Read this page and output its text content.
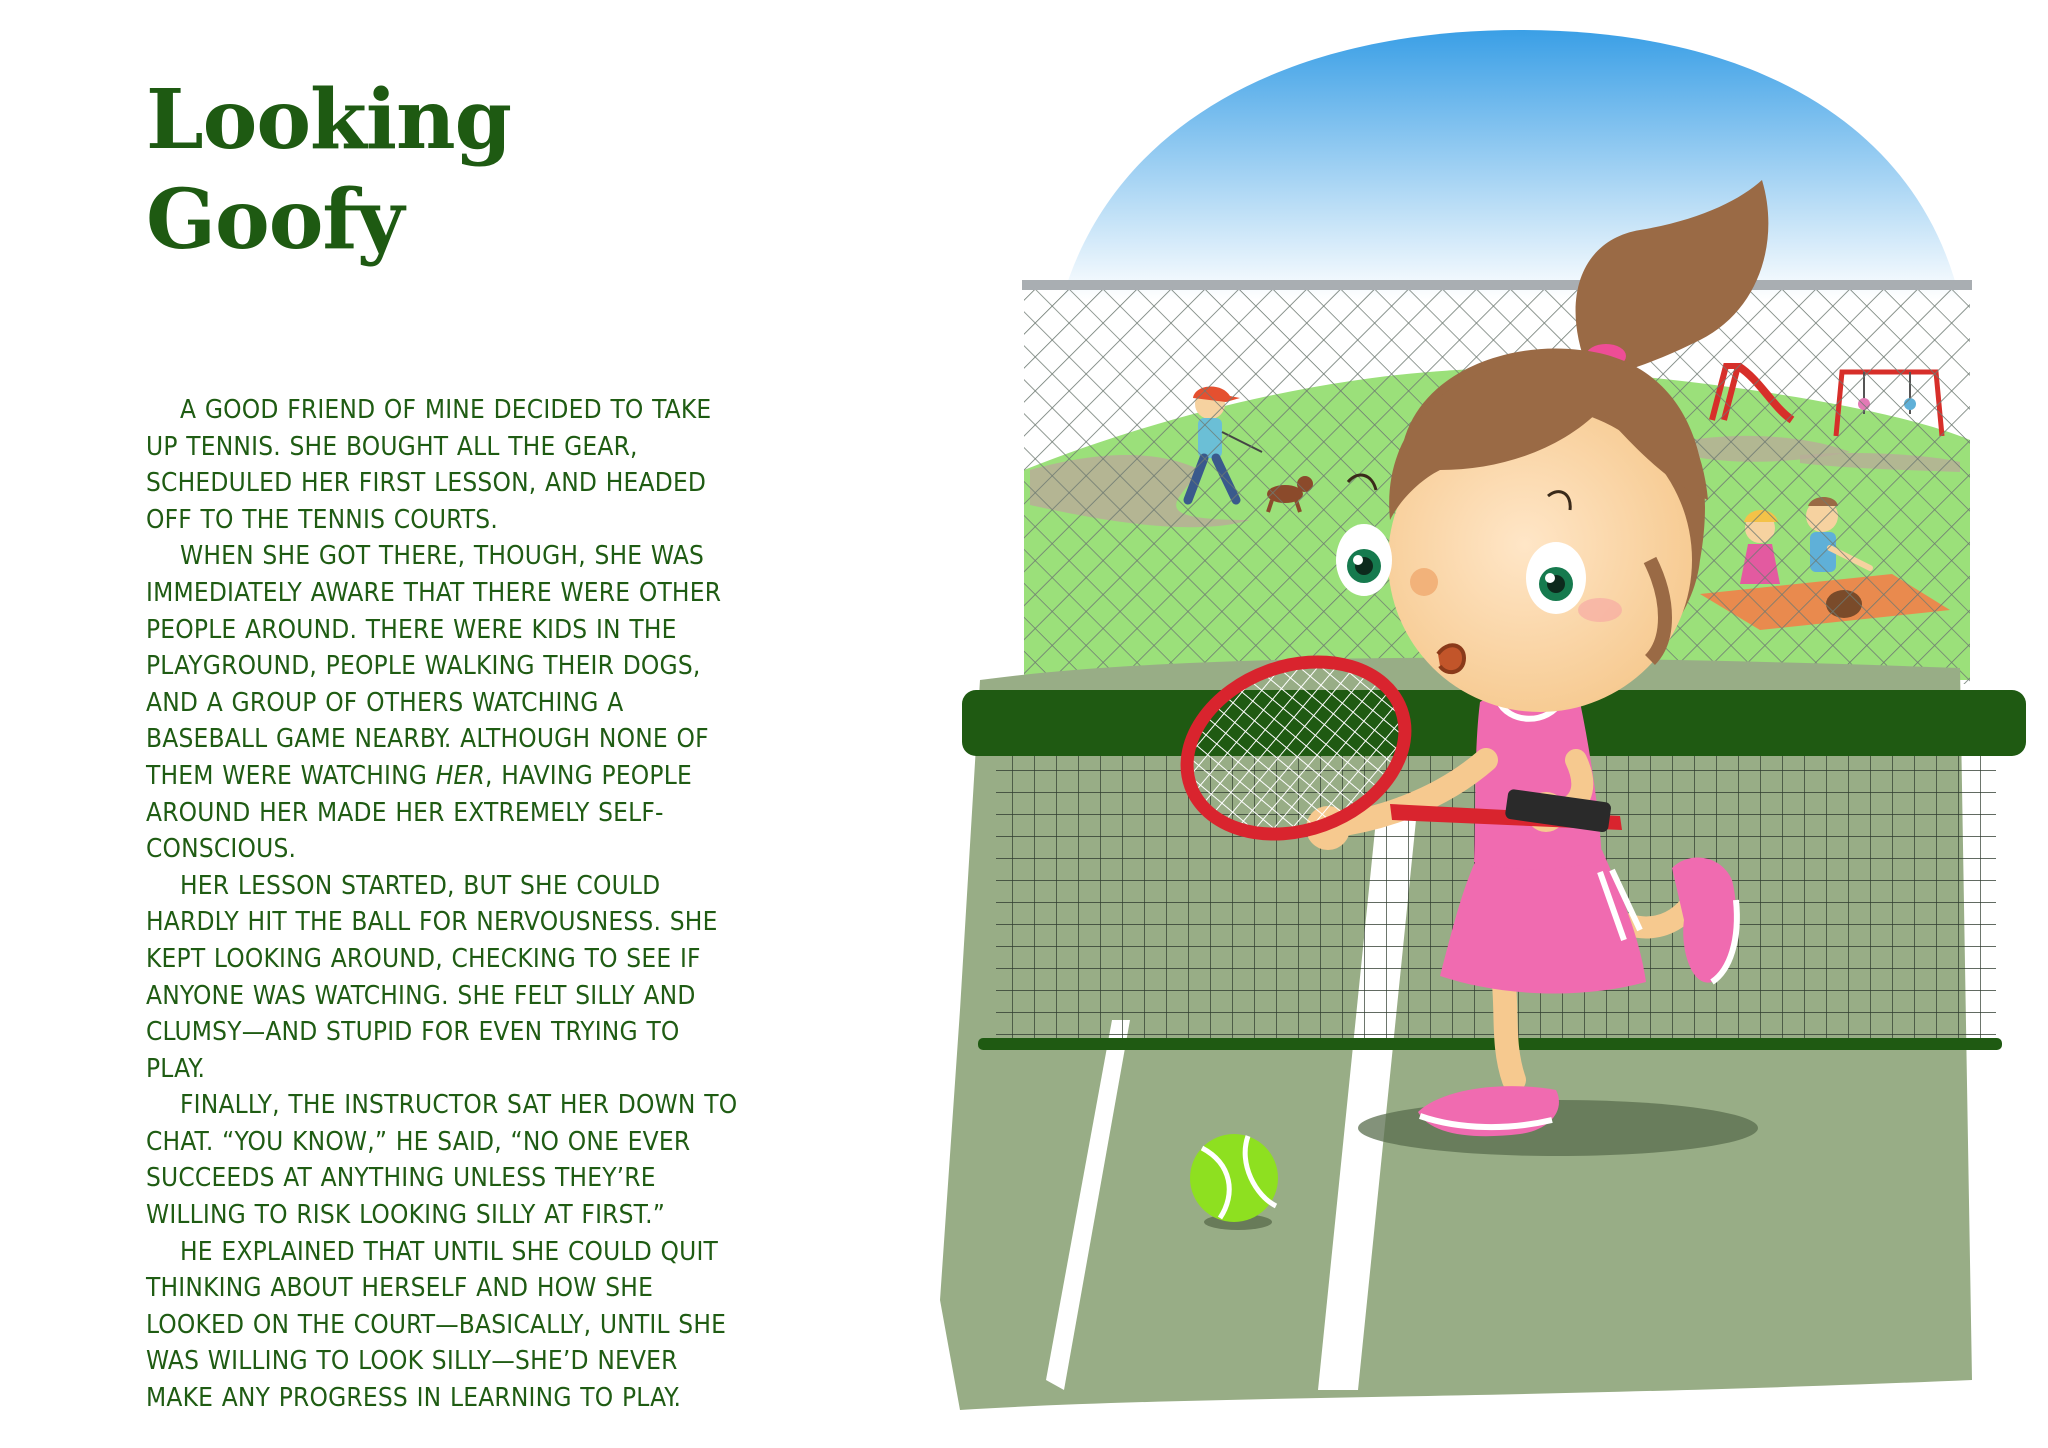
Looking Goofy

A GOOD FRIEND OF MINE DECIDED TO TAKE UP TENNIS. SHE BOUGHT ALL THE GEAR, SCHEDULED HER FIRST LESSON, AND HEADED OFF TO THE TENNIS COURTS.

WHEN SHE GOT THERE, THOUGH, SHE WAS IMMEDIATELY AWARE THAT THERE WERE OTHER PEOPLE AROUND. THERE WERE KIDS IN THE PLAYGROUND, PEOPLE WALKING THEIR DOGS, AND A GROUP OF OTHERS WATCHING A BASEBALL GAME NEARBY. ALTHOUGH NONE OF THEM WERE WATCHING HER, HAVING PEOPLE AROUND HER MADE HER EXTREMELY SELF-CONSCIOUS.

HER LESSON STARTED, BUT SHE COULD HARDLY HIT THE BALL FOR NERVOUSNESS. SHE KEPT LOOKING AROUND, CHECKING TO SEE IF ANYONE WAS WATCHING. SHE FELT SILLY AND CLUMSY—AND STUPID FOR EVEN TRYING TO PLAY.

FINALLY, THE INSTRUCTOR SAT HER DOWN TO CHAT. “YOU KNOW,” HE SAID, “NO ONE EVER SUCCEEDS AT ANYTHING UNLESS THEY’RE WILLING TO RISK LOOKING SILLY AT FIRST.”

HE EXPLAINED THAT UNTIL SHE COULD QUIT THINKING ABOUT HERSELF AND HOW SHE LOOKED ON THE COURT—BASICALLY, UNTIL SHE WAS WILLING TO LOOK SILLY—SHE’D NEVER MAKE ANY PROGRESS IN LEARNING TO PLAY.
